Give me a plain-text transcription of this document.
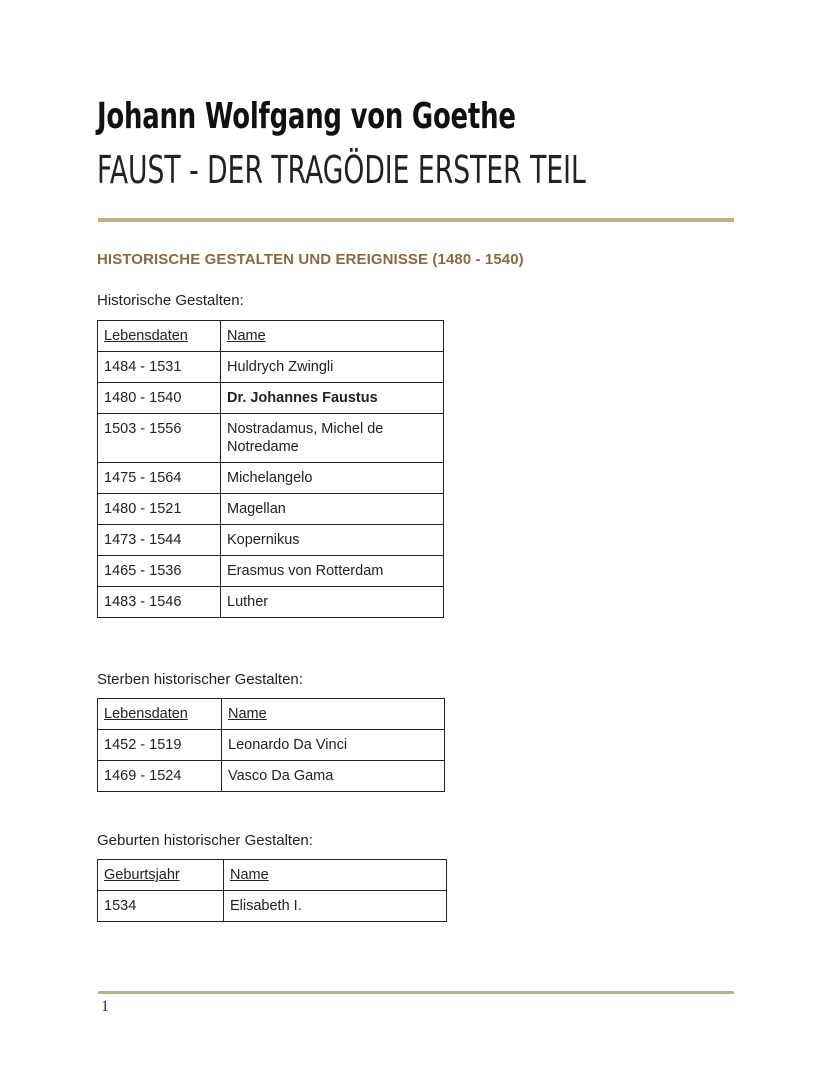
Johann Wolfgang von Goethe
FAUST - DER TRAGÖDIE ERSTER TEIL
HISTORISCHE GESTALTEN UND EREIGNISSE (1480 - 1540)
Historische Gestalten:
Lebensdaten	Name
1484 - 1531	Huldrych Zwingli
1480 - 1540	Dr. Johannes Faustus
1503 - 1556	Nostradamus, Michel de Notredame
1475 - 1564	Michelangelo
1480 - 1521	Magellan
1473 - 1544	Kopernikus
1465 - 1536	Erasmus von Rotterdam
1483 - 1546	Luther
Sterben historischer Gestalten:
Lebensdaten	Name
1452 - 1519	Leonardo Da Vinci
1469 - 1524	Vasco Da Gama
Geburten historischer Gestalten:
Geburtsjahr	Name
1534	Elisabeth I.
1
